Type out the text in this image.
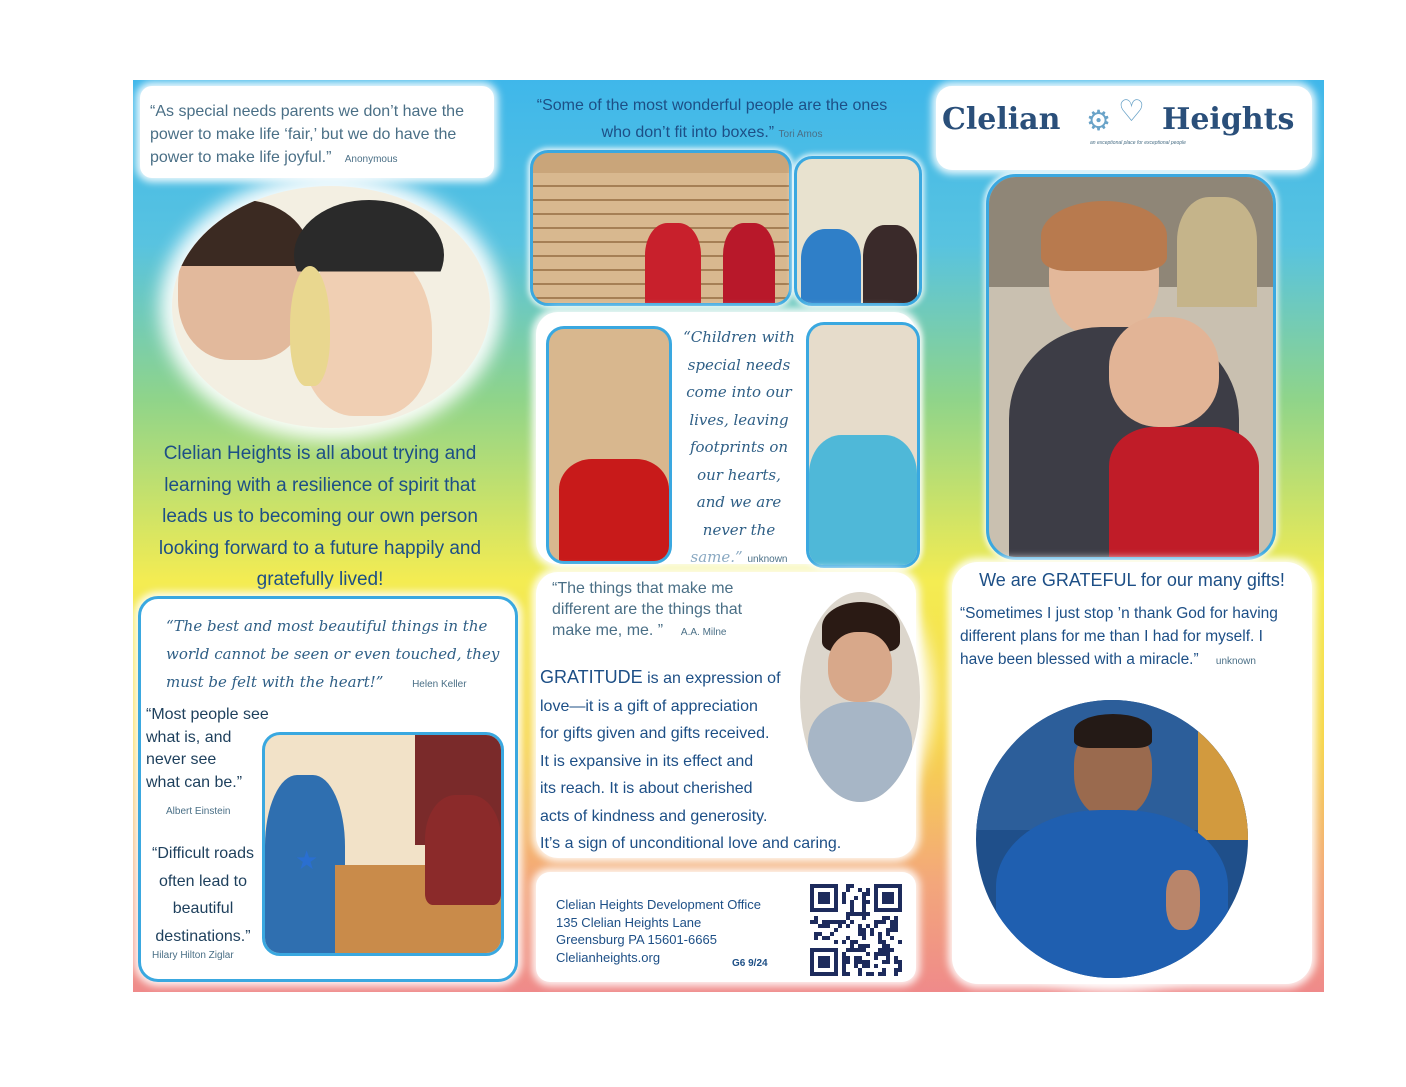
“As special needs parents we don’t have the
power to make life ‘fair,’ but we do have the
power to make life joyful.” Anonymous
Clelian Heights is all about trying and
learning with a resilience of spirit that
leads us to becoming our own person
looking forward to a future happily and
gratefully lived!
“The best and most beautiful things in the
world cannot be seen or even touched, they
must be felt with the heart!”	Helen Keller
“Most people see
what is, and
never see
what can be.”
Albert Einstein
“Difficult roads
often lead to
beautiful
destinations.”
Hilary Hilton Ziglar
★
“Some of the most wonderful people are the ones
who don’t fit into boxes.” Tori Amos
“Children with
special needs
come into our
lives, leaving
footprints on
our hearts,
and we are
never the
same.” unknown
“The things that make me
different are the things that
make me, me. ” A.A. Milne
GRATITUDE is an expression of
love—it is a gift of appreciation
for gifts given and gifts received.
It is expansive in its effect and
its reach. It is about cherished
acts of kindness and generosity.
It’s a sign of unconditional love and caring.
Clelian Heights Development Office
135 Clelian Heights Lane
Greensburg PA 15601-6665
Clelianheights.org	G6 9/24
Clelian ⚙ ♡ Heights
an exceptional place for exceptional people
We are GRATEFUL for our many gifts!
“Sometimes I just stop ’n thank God for having
different plans for me than I had for myself. I
have been blessed with a miracle.” unknown
